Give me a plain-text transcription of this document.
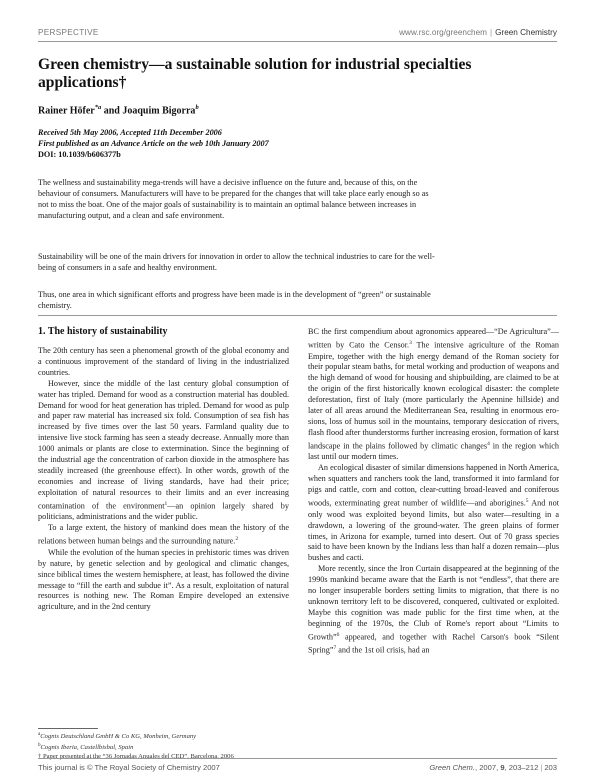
PERSPECTIVE	www.rsc.org/greenchem | Green Chemistry
Green chemistry—a sustainable solution for industrial specialties applications†
Rainer Höfer$^{*a}$ and Joaquim Bigorra$^b$
Received 5th May 2006, Accepted 11th December 2006
First published as an Advance Article on the web 10th January 2007
DOI: 10.1039/b606377b
The wellness and sustainability mega-trends will have a decisive influence on the future and, because of this, on the behaviour of consumers. Manufacturers will have to be prepared for the changes that will take place early enough so as not to miss the boat. One of the major goals of sustainability is to maintain an optimal balance between increases in manufacturing output, and a clean and safe environment.
Sustainability will be one of the main drivers for innovation in order to allow the technical industries to care for the well-being of consumers in a safe and healthy environment.
Thus, one area in which significant efforts and progress have been made is in the development of “green” or sustainable chemistry.
1. The history of sustainability

The 20th century has seen a phenomenal growth of the global economy and a continuous improvement of the standard of living in the industrialized countries.

However, since the middle of the last century global consumption of water has tripled. Demand for wood as a construction material has doubled. Demand for wood for heat generation has tripled. Demand for wood as pulp and paper raw material has increased six fold. Consumption of sea fish has increased by five times over the last 50 years. Farmland quality due to intensive live stock farming has seen a steady decrease. Annually more than 1000 animals or plants are close to extermination. Since the beginning of the industrial age the concentration of carbon dioxide in the atmosphere has steadily increased (the greenhouse effect). In other words, growth of the economies and increase of living standards, have had their price; exploitation of natural resources to their limits and an ever increasing contamination of the environment$^1$—an opinion largely shared by politicians, administrations and the wider public.

To a large extent, the history of mankind does mean the history of the relations between human beings and the surrounding nature.$^2$

While the evolution of the human species in prehistoric times was driven by nature, by genetic selection and by geological and climatic changes, since biblical times the western hemisphere, at least, has followed the divine message to “fill the earth and subdue it”. As a result, exploitation of natural resources is nothing new. The Roman Empire developed an extensive agriculture, and in the 2nd century

BC the first compendium about agronomics appeared—“De Agricultura”—written by Cato the Censor.$^3$ The intensive agriculture of the Roman Empire, together with the high energy demand of the Roman society for their popular steam baths, for metal working and production of weapons and the high demand of wood for housing and shipbuilding, are claimed to be at the origin of the first historically known ecological disaster: the complete deforestation, first of Italy (more particularly the Apennine hillside) and later of all areas around the Mediterranean Sea, resulting in enormous ero-sions, loss of humus soil in the mountains, temporary desiccation of rivers, flash flood after thunderstorms further increasing erosion, formation of karst landscape in the plains followed by climatic changes$^4$ in the region which last until our modern times.

An ecological disaster of similar dimensions happened in North America, when squatters and ranchers took the land, transformed it into farmland for pigs and cattle, corn and cotton, clear-cutting broad-leaved and coniferous woods, exterminating great number of wildlife—and aborigines.$^5$ And not only wood was exploited beyond limits, but also water—resulting in a drawdown, a lowering of the ground-water. The green plains of former times, in Arizona for example, turned into desert. Out of 70 grass species said to have been known by the Indians less than half a dozen remain—plus bushes and cacti.

More recently, since the Iron Curtain disappeared at the beginning of the 1990s mankind became aware that the Earth is not “endless”, that there are no longer insuperable borders setting limits to migration, that there is no unknown territory left to be discovered, conquered, cultivated or exploited. Maybe this cognition was made public for the first time when, at the beginning of the 1970s, the Club of Rome's report about “Limits to Growth”$^6$ appeared, and together with Rachel Carson's book “Silent Spring”$^7$ and the 1st oil crisis, had an

$^a$Cognis Deutschland GmbH & Co KG, Monheim, Germany

$^b$Cognis Iberia, Castellbisbal, Spain

† Paper presented at the “36 Jornadas Anuales del CED”, Barcelona, 2006

This journal is © The Royal Society of Chemistry 2007	Green Chem., 2007, 9, 203–212 | 203
